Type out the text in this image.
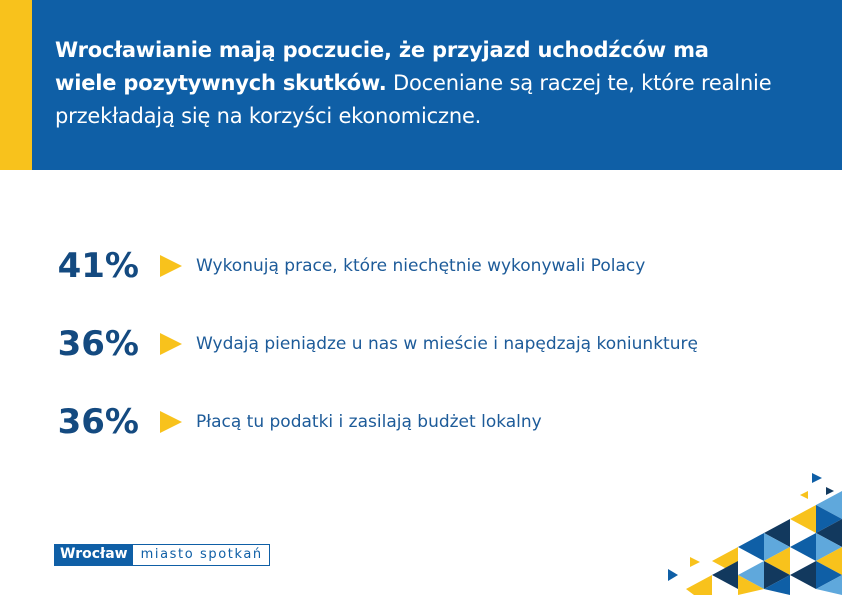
Wrocławianie mają poczucie, że przyjazd uchodźców ma wiele pozytywnych skutków. Doceniane są raczej te, które realnie przekładają się na korzyści ekonomiczne.
41%	Wykonują prace, które niechętnie wykonywali Polacy
36%	Wydają pieniądze u nas w mieście i napędzają koniunkturę
36%	Płacą tu podatki i zasilają budżet lokalny
Wrocław	miasto spotkań
